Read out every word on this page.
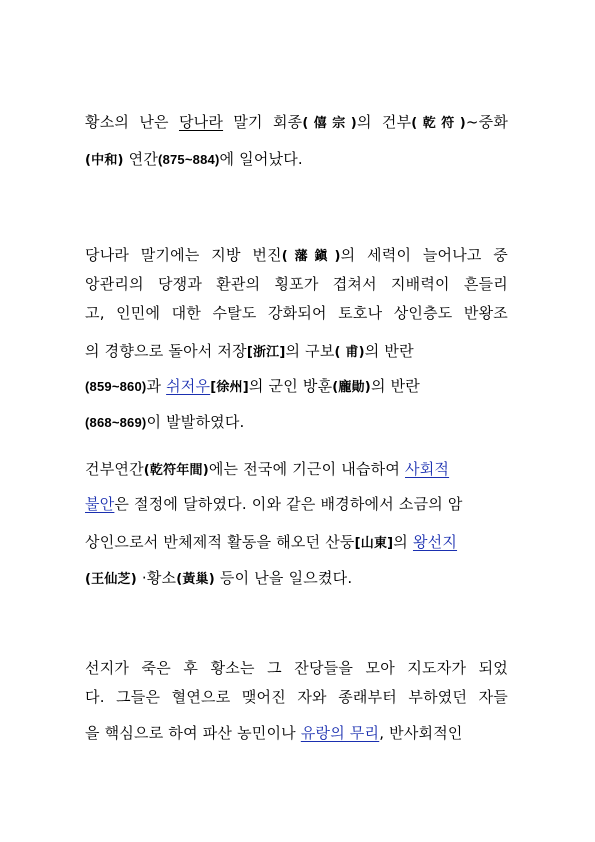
황소의 난은 당나라 말기 회종(僖宗)의 건부(乾符)~중화
(中和) 연간(875~884)에 일어났다.
당나라 말기에는 지방 번진(藩鎭)의 세력이 늘어나고 중
앙관리의 당쟁과 환관의 횡포가 겹쳐서 지배력이 흔들리
고, 인민에 대한 수탈도 강화되어 토호나 상인층도 반왕조
의 경향으로 돌아서 저장[浙江]의 구보( 甫)의 반란
(859~860)과 쉬저우[徐州]의 군인 방훈(龐勛)의 반란
(868~869)이 발발하였다.
건부연간(乾符年間)에는 전국에 기근이 내습하여 사회적
불안은 절정에 달하였다. 이와 같은 배경하에서 소금의 암
상인으로서 반체제적 활동을 해오던 산둥[山東]의 왕선지
(王仙芝) ·황소(黃巢) 등이 난을 일으켰다.
선지가 죽은 후 황소는 그 잔당들을 모아 지도자가 되었
다. 그들은 혈연으로 맺어진 자와 종래부터 부하였던 자들
을 핵심으로 하여 파산 농민이나 유랑의 무리, 반사회적인
